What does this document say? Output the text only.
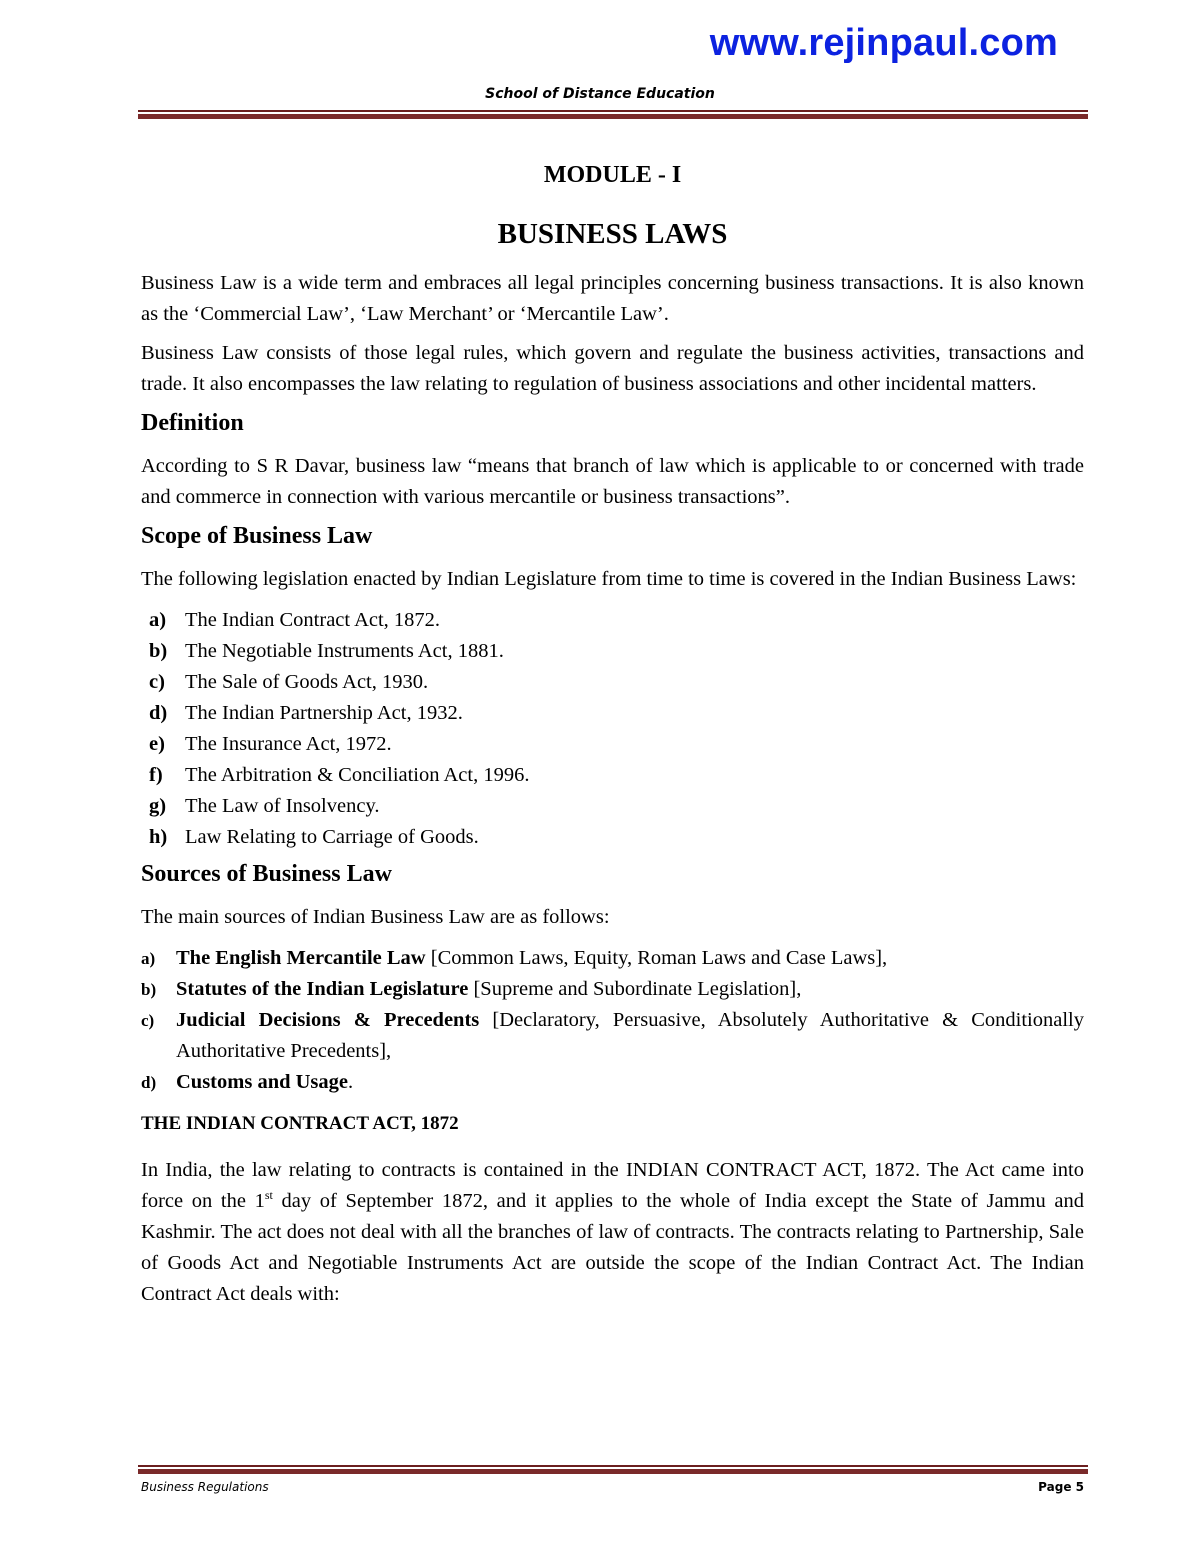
www.rejinpaul.com
School of Distance Education
MODULE - I
BUSINESS LAWS

Business Law is a wide term and embraces all legal principles concerning business transactions. It is also known as the ‘Commercial Law’, ‘Law Merchant’ or ‘Mercantile Law’.

Business Law consists of those legal rules, which govern and regulate the business activities, transactions and trade. It also encompasses the law relating to regulation of business associations and other incidental matters.

Definition

According to S R Davar, business law “means that branch of law which is applicable to or concerned with trade and commerce in connection with various mercantile or business transactions”.

Scope of Business Law

The following legislation enacted by Indian Legislature from time to time is covered in the Indian Business Laws:

a) The Indian Contract Act, 1872.
b) The Negotiable Instruments Act, 1881.
c) The Sale of Goods Act, 1930.
d) The Indian Partnership Act, 1932.
e) The Insurance Act, 1972.
f)	The Arbitration & Conciliation Act, 1996.
g) The Law of Insolvency.
h) Law Relating to Carriage of Goods.
Sources of Business Law

The main sources of Indian Business Law are as follows:

a)	The English Mercantile Law [Common Laws, Equity, Roman Laws and Case Laws],
b) Statutes of the Indian Legislature [Supreme and Subordinate Legislation],
c)	Judicial Decisions & Precedents [Declaratory, Persuasive, Absolutely Authoritative & Conditionally Authoritative Precedents],
d) Customs and Usage.
THE INDIAN CONTRACT ACT, 1872

In India, the law relating to contracts is contained in the INDIAN CONTRACT ACT, 1872. The Act came into force on the 1st day of September 1872, and it applies to the whole of India except the State of Jammu and Kashmir. The act does not deal with all the branches of law of contracts. The contracts relating to Partnership, Sale of Goods Act and Negotiable Instruments Act are outside the scope of the Indian Contract Act. The Indian Contract Act deals with:

Business Regulations	Page 5
